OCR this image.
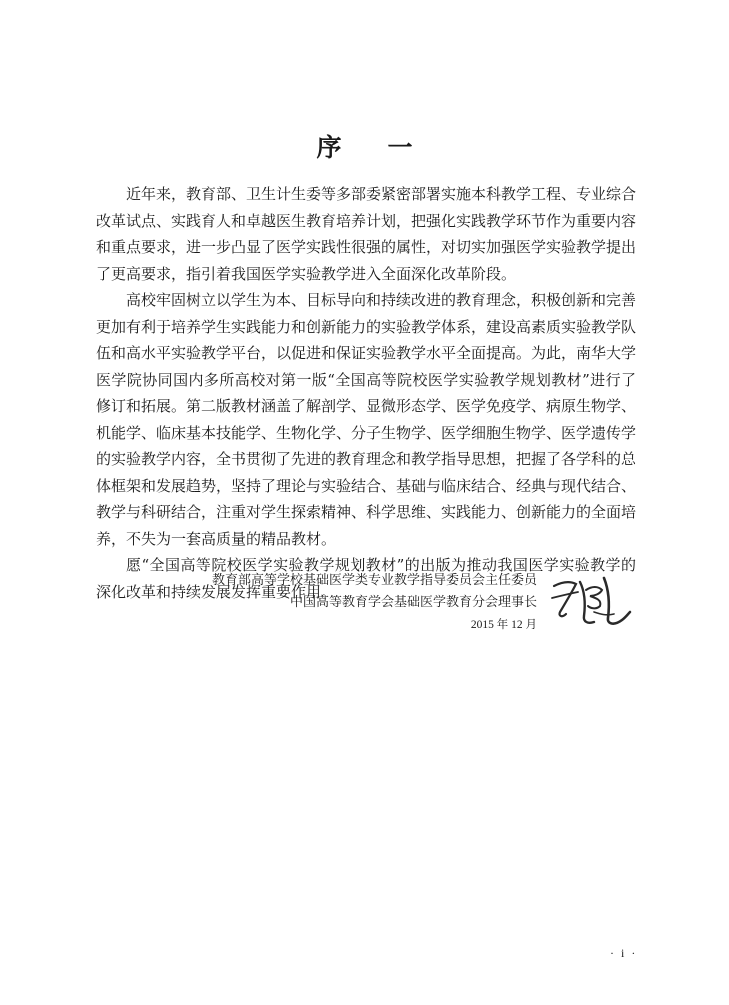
序一

近年来，教育部、卫生计生委等多部委紧密部署实施本科教学工程、专业综合改革试点、实践育人和卓越医生教育培养计划，把强化实践教学环节作为重要内容和重点要求，进一步凸显了医学实践性很强的属性，对切实加强医学实验教学提出了更高要求，指引着我国医学实验教学进入全面深化改革阶段。

高校牢固树立以学生为本、目标导向和持续改进的教育理念，积极创新和完善更加有利于培养学生实践能力和创新能力的实验教学体系，建设高素质实验教学队伍和高水平实验教学平台，以促进和保证实验教学水平全面提高。为此，南华大学医学院协同国内多所高校对第一版“全国高等院校医学实验教学规划教材”进行了修订和拓展。第二版教材涵盖了解剖学、显微形态学、医学免疫学、病原生物学、机能学、临床基本技能学、生物化学、分子生物学、医学细胞生物学、医学遗传学的实验教学内容，全书贯彻了先进的教育理念和教学指导思想，把握了各学科的总体框架和发展趋势，坚持了理论与实验结合、基础与临床结合、经典与现代结合、教学与科研结合，注重对学生探索精神、科学思维、实践能力、创新能力的全面培养，不失为一套高质量的精品教材。

愿“全国高等院校医学实验教学规划教材”的出版为推动我国医学实验教学的深化改革和持续发展发挥重要作用。

教育部高等学校基础医学类专业教学指导委员会主任委员
中国高等教育学会基础医学教育分会理事长
2015 年 12 月
· i ·
